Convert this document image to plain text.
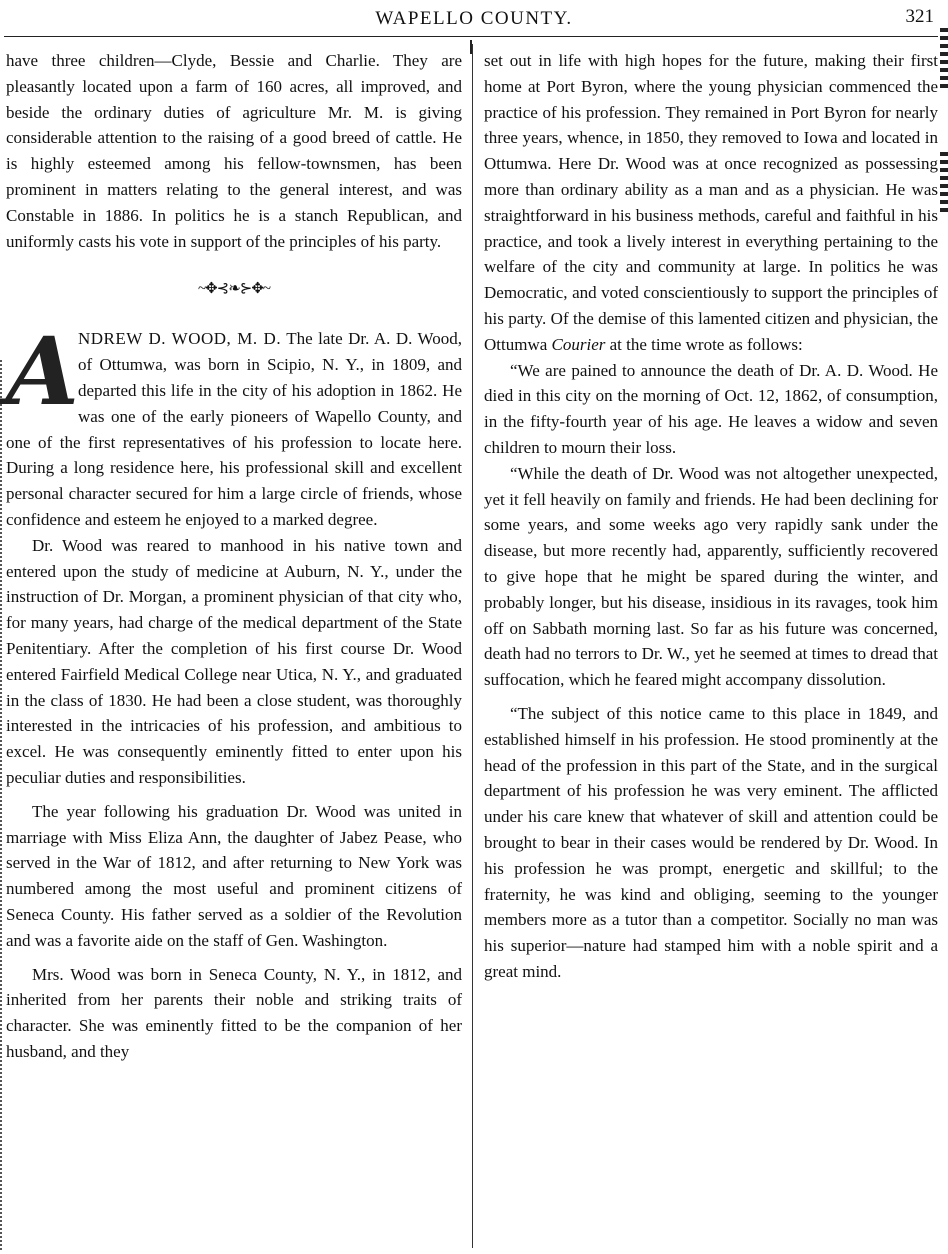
WAPELLO COUNTY.	321

have three children—Clyde, Bessie and Charlie. They are pleasantly located upon a farm of 160 acres, all improved, and beside the ordinary duties of agriculture Mr. M. is giving considerable attention to the raising of a good breed of cattle. He is highly esteemed among his fellow-townsmen, has been prominent in matters relating to the general interest, and was Constable in 1886. In politics he is a stanch Republican, and uniformly casts his vote in support of the principles of his party.

~✥⊰❧⊱✥~
A NDREW D. WOOD, M. D. The late Dr. A. D. Wood, of Ottumwa, was born in Scipio, N. Y., in 1809, and departed this life in the city of his adoption in 1862. He was one of the early pioneers of Wapello County, and one of the first representatives of his profession to locate here. During a long residence here, his professional skill and excellent personal character secured for him a large circle of friends, whose confidence and esteem he enjoyed to a marked degree.

Dr. Wood was reared to manhood in his native town and entered upon the study of medicine at Auburn, N. Y., under the instruction of Dr. Morgan, a prominent physician of that city who, for many years, had charge of the medical department of the State Penitentiary. After the completion of his first course Dr. Wood entered Fairfield Medical College near Utica, N. Y., and graduated in the class of 1830. He had been a close student, was thoroughly interested in the intricacies of his profession, and ambitious to excel. He was consequently eminently fitted to enter upon his peculiar duties and responsibilities.

The year following his graduation Dr. Wood was united in marriage with Miss Eliza Ann, the daughter of Jabez Pease, who served in the War of 1812, and after returning to New York was numbered among the most useful and prominent citizens of Seneca County. His father served as a soldier of the Revolution and was a favorite aide on the staff of Gen. Washington.

Mrs. Wood was born in Seneca County, N. Y., in 1812, and inherited from her parents their noble and striking traits of character. She was eminently fitted to be the companion of her husband, and they

set out in life with high hopes for the future, making their first home at Port Byron, where the young physician commenced the practice of his profession. They remained in Port Byron for nearly three years, whence, in 1850, they removed to Iowa and located in Ottumwa. Here Dr. Wood was at once recognized as possessing more than ordinary ability as a man and as a physician. He was straightforward in his business methods, careful and faithful in his practice, and took a lively interest in everything pertaining to the welfare of the city and community at large. In politics he was Democratic, and voted conscientiously to support the principles of his party. Of the demise of this lamented citizen and physician, the Ottumwa Courier at the time wrote as follows:

“We are pained to announce the death of Dr. A. D. Wood. He died in this city on the morning of Oct. 12, 1862, of consumption, in the fifty-fourth year of his age. He leaves a widow and seven children to mourn their loss.

“While the death of Dr. Wood was not altogether unexpected, yet it fell heavily on family and friends. He had been declining for some years, and some weeks ago very rapidly sank under the disease, but more recently had, apparently, sufficiently recovered to give hope that he might be spared during the winter, and probably longer, but his disease, insidious in its ravages, took him off on Sabbath morning last. So far as his future was concerned, death had no terrors to Dr. W., yet he seemed at times to dread that suffocation, which he feared might accompany dissolution.

“The subject of this notice came to this place in 1849, and established himself in his profession. He stood prominently at the head of the profession in this part of the State, and in the surgical department of his profession he was very eminent. The afflicted under his care knew that whatever of skill and attention could be brought to bear in their cases would be rendered by Dr. Wood. In his profession he was prompt, energetic and skillful; to the fraternity, he was kind and obliging, seeming to the younger members more as a tutor than a competitor. Socially no man was his superior—nature had stamped him with a noble spirit and a great mind.
